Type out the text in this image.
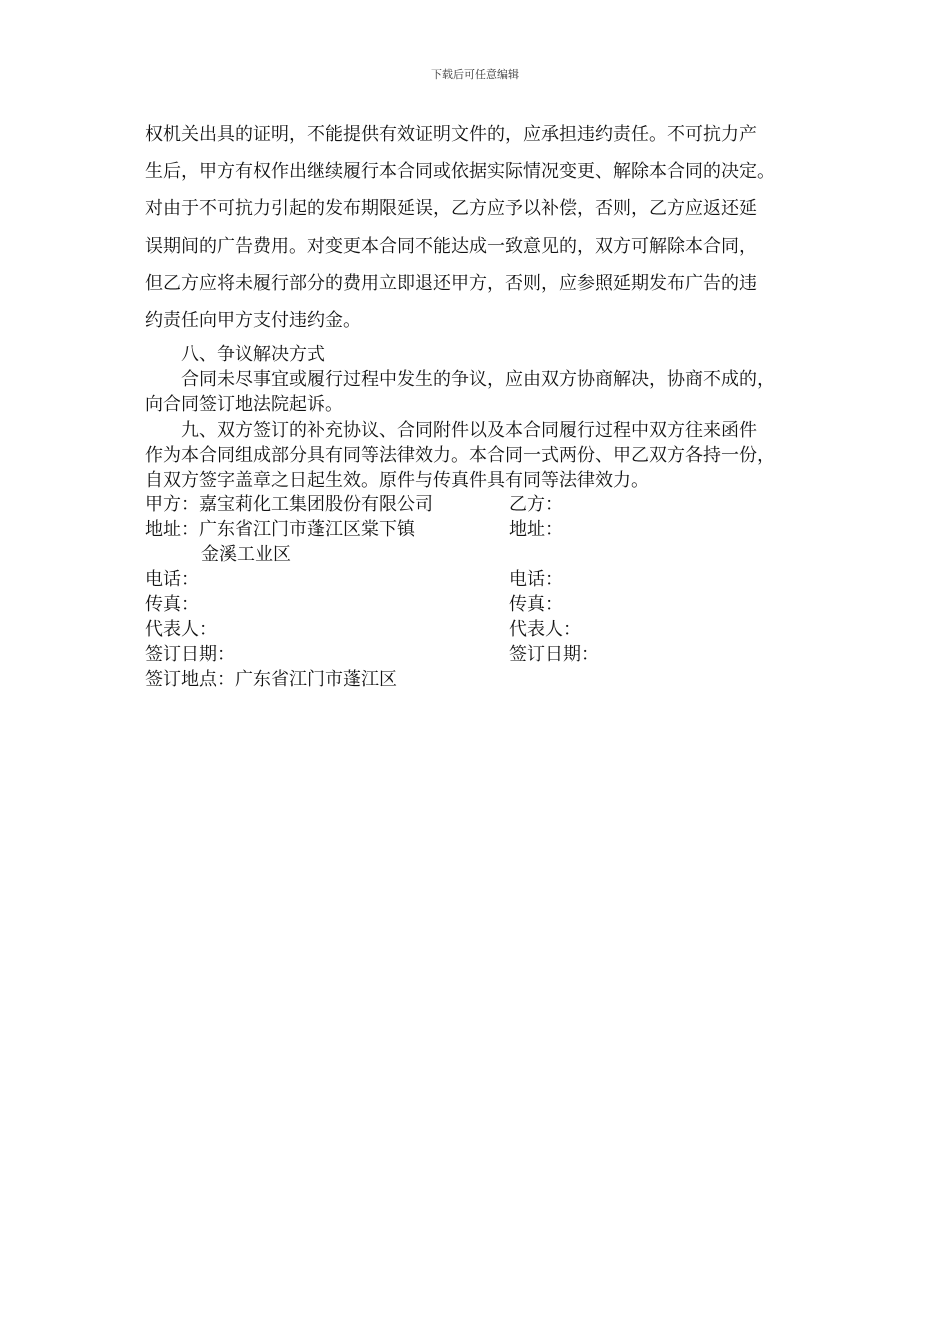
下载后可任意编辑
权机关出具的证明，不能提供有效证明文件的，应承担违约责任。不可抗力产
生后，甲方有权作出继续履行本合同或依据实际情况变更、解除本合同的决定。
对由于不可抗力引起的发布期限延误，乙方应予以补偿，否则，乙方应返还延
误期间的广告费用。对变更本合同不能达成一致意见的，双方可解除本合同，
但乙方应将未履行部分的费用立即退还甲方，否则，应参照延期发布广告的违
约责任向甲方支付违约金。
八、争议解决方式
合同未尽事宜或履行过程中发生的争议，应由双方协商解决，协商不成的，
向合同签订地法院起诉。
九、双方签订的补充协议、合同附件以及本合同履行过程中双方往来函件
作为本合同组成部分具有同等法律效力。本合同一式两份、甲乙双方各持一份，
自双方签字盖章之日起生效。原件与传真件具有同等法律效力。
甲方：嘉宝莉化工集团股份有限公司	乙方：
地址：广东省江门市蓬江区棠下镇	地址：
金溪工业区
电话：	电话：
传真：	传真：
代表人：	代表人：
签订日期：	签订日期：
签订地点：广东省江门市蓬江区
